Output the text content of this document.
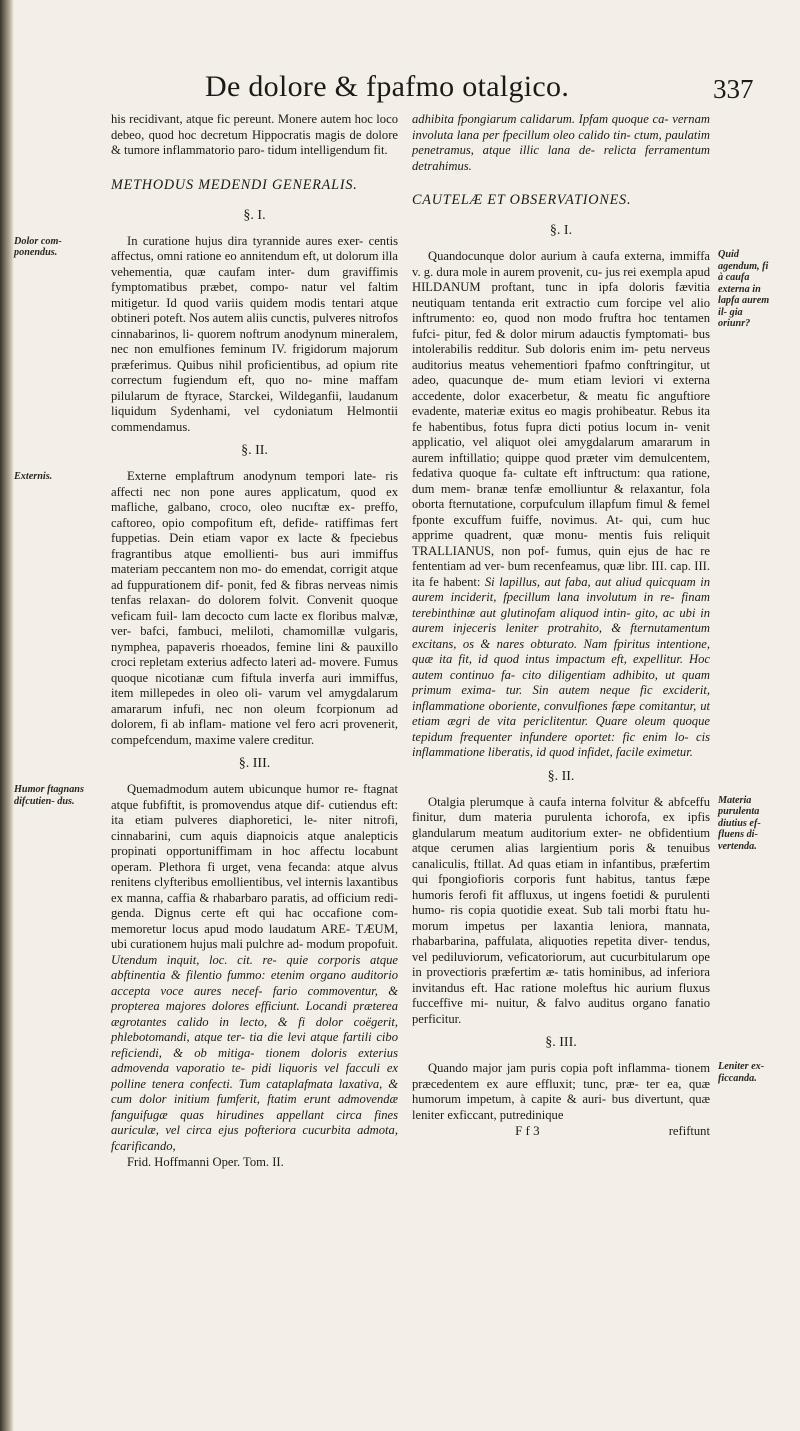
De dolore & fpafmo otalgico.	337

his recidivant, atque fic pereunt. Monere autem hoc loco debeo, quod hoc decretum Hippocratis magis de dolore & tumore inflammatorio paro- tidum intelligendum fit.

METHODUS MEDENDI GENERALIS.
§. I.
Dolor com- ponendus.

In curatione hujus dira tyrannide aures exer- centis affectus, omni ratione eo annitendum eft, ut dolorum illa vehementia, quæ caufam inter- dum graviffimis fymptomatibus præbet, compo- natur vel faltim mitigetur. Id quod variis quidem modis tentari atque obtineri poteft. Nos autem aliis cunctis, pulveres nitrofos cinnabarinos, li- quorem noftrum anodynum mineralem, nec non emulfiones feminum IV. frigidorum majorum præferimus. Quibus nihil proficientibus, ad opium rite correctum fugiendum eft, quo no- mine maffam pilularum de ftyrace, Starckei, Wildeganfii, laudanum liquidum Sydenhami, vel cydoniatum Helmontii commendamus.

§. II.
Externis.	Externe emplaftrum anodynum tempori late- ris affecti nec non pone aures applicatum, quod ex mafliche, galbano, croco, oleo nucıftæ ex- preffo, caftoreo, opio compofitum eft, defide- ratiffimas fert fuppetias. Dein etiam vapor ex lacte & fpeciebus fragrantibus atque emollienti- bus auri immiffus materiam peccantem non mo- do emendat, corrigit atque ad fuppurationem dif- ponit, fed & fibras nerveas nimis tenfas relaxan- do dolorem folvit. Convenit quoque veficam fuil- lam decocto cum lacte ex floribus malvæ, ver- bafci, fambuci, meliloti, chamomillæ vulgaris, nymphea, papaveris rhoeados, femine lini & pauxillo croci repletam exterius adfecto lateri ad- movere. Fumus quoque nicotianæ cum fiftula inverfa auri immiffus, item millepedes in oleo oli- varum vel amygdalarum amararum infufi, nec non oleum fcorpionum ad dolorem, fi ab inflam- matione vel fero acri provenerit, compefcendum, maxime valere creditur.

§. III.
Humor ftagnans difcutien- dus.

Quemadmodum autem ubicunque humor re- ftagnat atque fubfiftit, is promovendus atque dif- cutiendus eft: ita etiam pulveres diaphoretici, le- niter nitrofi, cinnabarini, cum aquis diapnoicis atque analepticis propinati opportuniffimam in hoc affectu locabunt operam. Plethora fi urget, vena fecanda: atque alvus renitens clyfteribus emollientibus, vel internis laxantibus ex manna, caffia & rhabarbaro paratis, ad officium redi- genda. Dignus certe eft qui hac occafione com- memoretur locus apud modo laudatum ARE- TÆUM, ubi curationem hujus mali pulchre ad- modum propofuit. Utendum inquit, loc. cit. re- quie corporis atque abftinentia & filentio fummo: etenim organo auditorio accepta voce aures necef- fario commoventur, & propterea majores dolores efficiunt. Locandi præterea ægrotantes calido in lecto, & fi dolor coëgerit, phlebotomandi, atque ter- tia die levi atque fartili cibo reficiendi, & ob mitiga- tionem doloris exterius admovenda vaporatio te- pidi liquoris vel facculi ex polline tenera confecti. Tum cataplafmata laxativa, & cum dolor initium fumferit, ftatim erunt admovendæ fanguifugæ quas hirudines appellant circa fines auriculæ, vel circa ejus pofteriora cucurbita admota, fcarificando,

Frid. Hoffmanni Oper. Tom. II.

adhibita fpongiarum calidarum. Ipfam quoque ca- vernam involuta lana per fpecillum oleo calido tin- ctum, paulatim penetramus, atque illic lana de- relicta ferramentum detrahimus.

CAUTELÆ ET OBSERVATIONES.
§. I.
Quid agendum, fi à caufa externa in lapfa aurem il- gia oriunr?

Quandocunque dolor aurium à caufa externa, immiffa v. g. dura mole in aurem provenit, cu- jus rei exempla apud HILDANUM proftant, tunc in ipfa doloris fævitia neutiquam tentanda erit extractio cum forcipe vel alio inftrumento: eo, quod non modo fruftra hoc tentamen fufci- pitur, fed & dolor mirum adauctis fymptomati- bus intolerabilis redditur. Sub doloris enim im- petu nerveus auditorius meatus vehementiori fpafmo conftringitur, ut adeo, quacunque de- mum etiam leviori vi externa accedente, dolor exacerbetur, & meatu fic anguftiore evadente, materiæ exitus eo magis prohibeatur. Rebus ita fe habentibus, fotus fupra dicti potius locum in- venit applicatio, vel aliquot olei amygdalarum amararum in aurem inftillatio; quippe quod præter vim demulcentem, fedativa quoque fa- cultate eft inftructum: qua ratione, dum mem- branæ tenfæ emolliuntur & relaxantur, fola oborta fternutatione, corpufculum illapfum fimul & femel fponte excuffum fuiffe, novimus. At- qui, cum huc apprime quadrent, quæ monu- mentis fuis reliquit TRALLIANUS, non pof- fumus, quin ejus de hac re fententiam ad ver- bum recenfeamus, quæ libr. III. cap. III. ita fe habent: Si lapillus, aut faba, aut aliud quicquam in aurem inciderit, fpecillum lana involutum in re- finam terebinthinæ aut glutinofam aliquod intin- gito, ac ubi in aurem injeceris leniter protrahito, & fternutamentum excitans, os & nares obturato. Nam fpiritus intentione, quæ ita fit, id quod intus impactum eft, expellitur. Hoc autem continuo fa- cito diligentiam adhibito, ut quam primum exima- tur. Sin autem neque fic exciderit, inflammatione oboriente, convulfiones fæpe comitantur, ut etiam ægri de vita periclitentur. Quare oleum quoque tepidum frequenter infundere oportet: fic enim lo- cis inflammatione liberatis, id quod infidet, facile eximetur.

§. II.
Materia purulenta diutius ef- fluens di- vertenda.

Otalgia plerumque à caufa interna folvitur & abfceffu finitur, dum materia purulenta ichorofa, ex ipfis glandularum meatum auditorium exter- ne obfidentium atque cerumen alias largientium poris & tenuibus canaliculis, ftillat. Ad quas etiam in infantibus, præfertim qui fpongiofioris corporis funt habitus, tantus fæpe humoris ferofi fit affluxus, ut ingens foetidi & purulenti humo- ris copia quotidie exeat. Sub tali morbi ftatu hu- morum impetus per laxantia leniora, mannata, rhabarbarina, paffulata, aliquoties repetita diver- tendus, vel pediluviorum, veficatoriorum, aut cucurbitularum ope in provectioris præfertim æ- tatis hominibus, ad inferiora invitandus eft. Hac ratione moleftus hic aurium fluxus fucceffive mi- nuitur, & falvo auditus organo fanatio perficitur.

§. III.
Leniter ex- ficcanda.

Quando major jam puris copia poft inflamma- tionem præcedentem ex aure effluxit; tunc, præ- ter ea, quæ humorum impetum, à capite & auri- bus divertunt, quæ leniter exficcant, putredinique

F f 3	refiftunt
